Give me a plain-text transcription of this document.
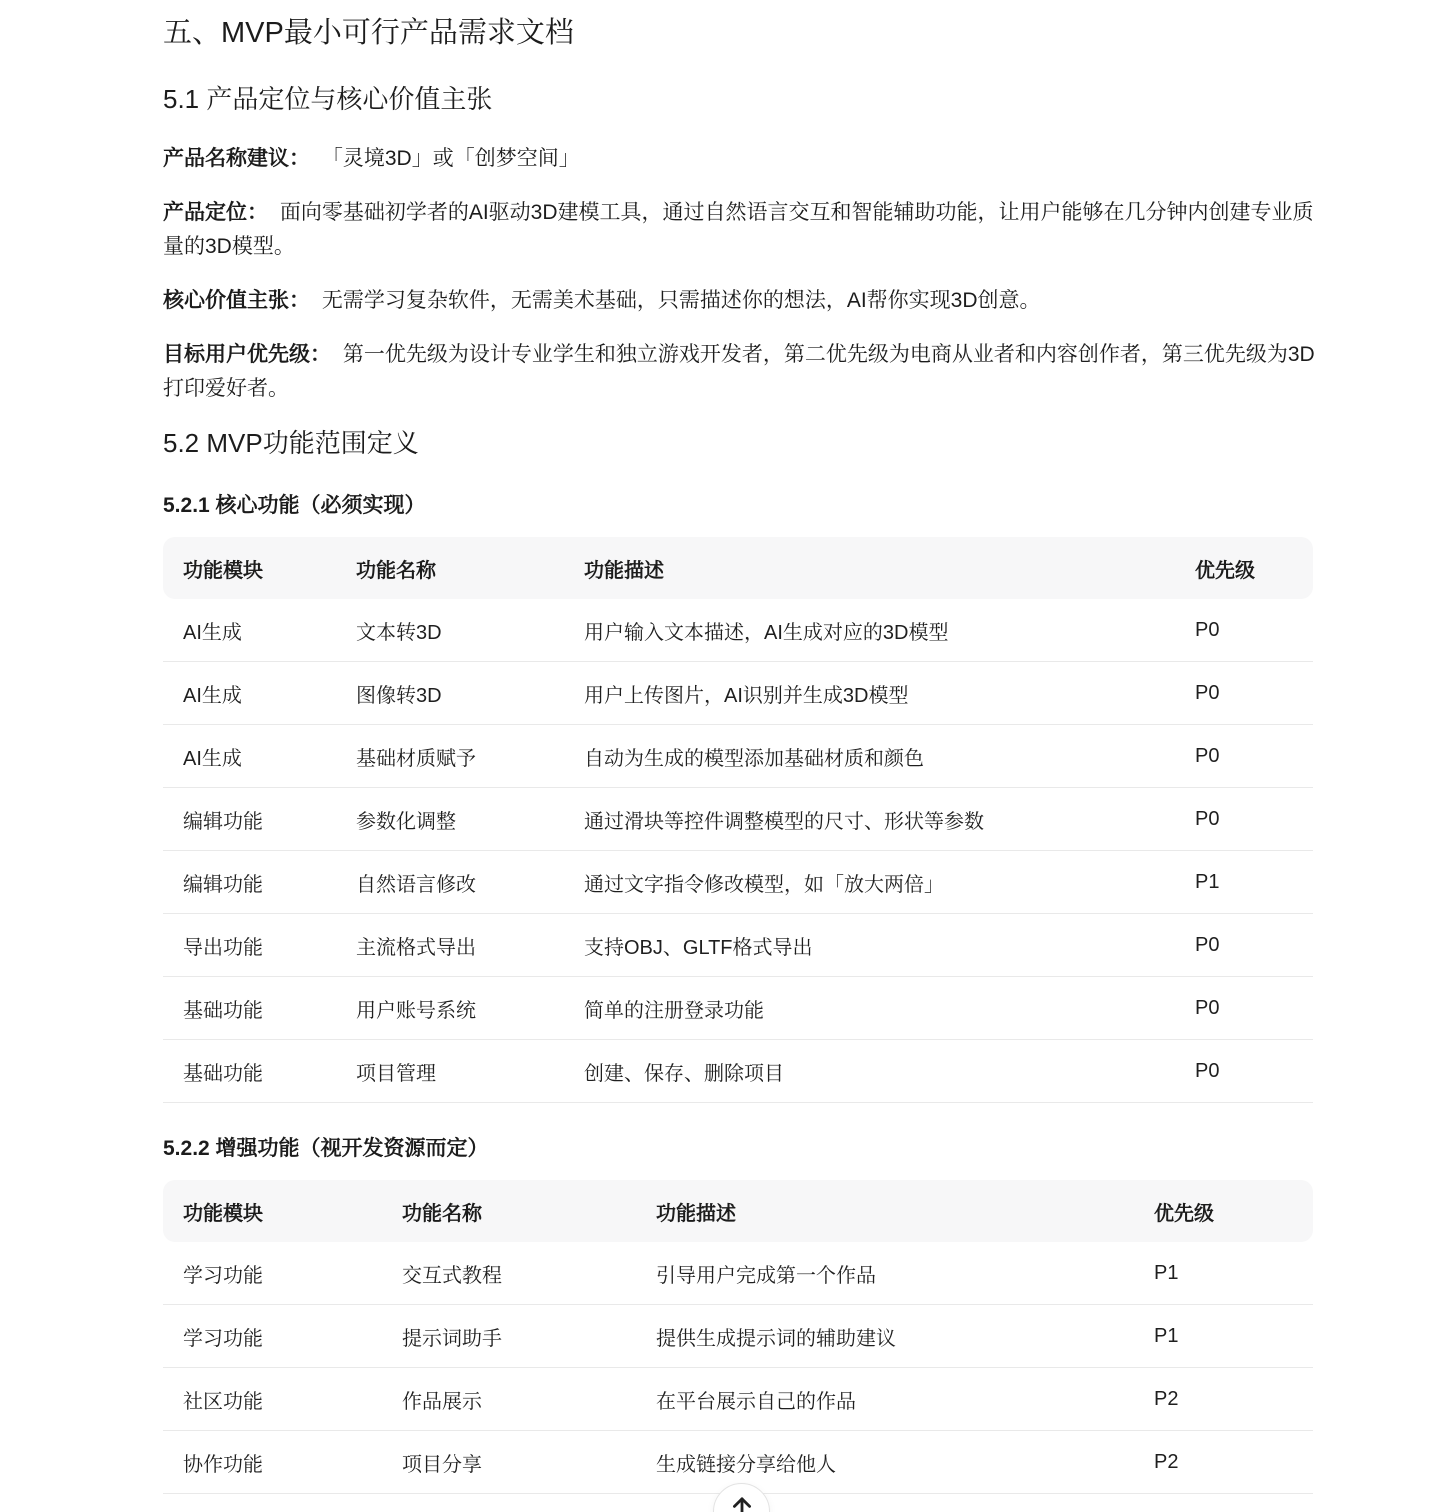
五、MVP最小可行产品需求文档
5.1 产品定位与核心价值主张

产品名称建议： 「灵境3D」或「创梦空间」

产品定位： 面向零基础初学者的AI驱动3D建模工具，通过自然语言交互和智能辅助功能，让用户能够在几分钟内创建专业质量的3D模型。

核心价值主张： 无需学习复杂软件，无需美术基础，只需描述你的想法，AI帮你实现3D创意。

目标用户优先级： 第一优先级为设计专业学生和独立游戏开发者，第二优先级为电商从业者和内容创作者，第三优先级为3D打印爱好者。

5.2 MVP功能范围定义
5.2.1 核心功能（必须实现）
功能模块	功能名称	功能描述	优先级
AI生成	文本转3D	用户输入文本描述，AI生成对应的3D模型	P0
AI生成	图像转3D	用户上传图片，AI识别并生成3D模型	P0
AI生成	基础材质赋予	自动为生成的模型添加基础材质和颜色	P0
编辑功能	参数化调整	通过滑块等控件调整模型的尺寸、形状等参数	P0
编辑功能	自然语言修改	通过文字指令修改模型，如「放大两倍」	P1
导出功能	主流格式导出	支持OBJ、GLTF格式导出	P0
基础功能	用户账号系统	简单的注册登录功能	P0
基础功能	项目管理	创建、保存、删除项目	P0
5.2.2 增强功能（视开发资源而定）
功能模块	功能名称	功能描述	优先级
学习功能	交互式教程	引导用户完成第一个作品	P1
学习功能	提示词助手	提供生成提示词的辅助建议	P1
社区功能	作品展示	在平台展示自己的作品	P2
协作功能	项目分享	生成链接分享给他人	P2
